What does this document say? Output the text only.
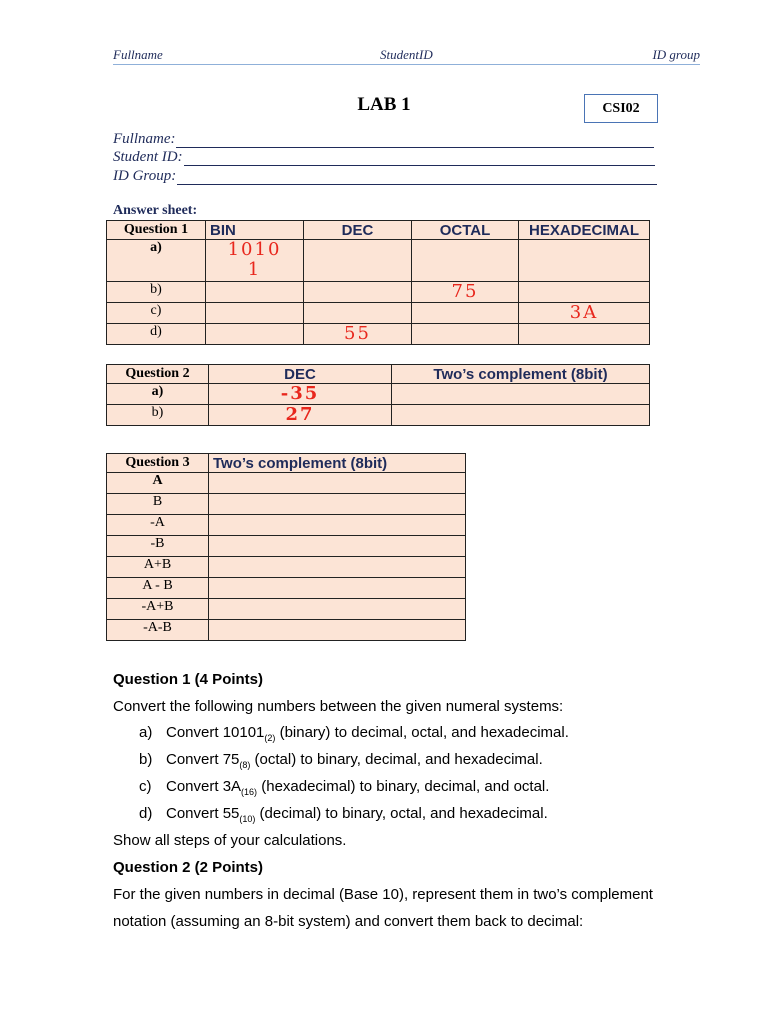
Fullname	StudentID	ID group
LAB 1	CSI02
Fullname:
Student ID:
ID Group:
Answer sheet:
Question 1	BIN	DEC	OCTAL	HEXADECIMAL
a)	1010
1			
b)			75	
c)				3A
d)		55		
Question 2	DEC	Two’s complement (8bit)
a)	-35	
b)	27	
Question 3	Two’s complement (8bit)
A	
B	
-A	
-B	
A+B	
A - B	
-A+B	
-A-B	
Question 1 (4 Points)
Convert the following numbers between the given numeral systems:
a) Convert $10101_{(2)}$ (binary) to decimal, octal, and hexadecimal.
b) Convert $75_{(8)}$ (octal) to binary, decimal, and hexadecimal.
c) Convert $3A_{(16)}$ (hexadecimal) to binary, decimal, and octal.
d) Convert $55_{(10)}$ (decimal) to binary, octal, and hexadecimal.
Show all steps of your calculations.
Question 2 (2 Points)
For the given numbers in decimal (Base 10), represent them in two’s complement
notation (assuming an 8-bit system) and convert them back to decimal:
